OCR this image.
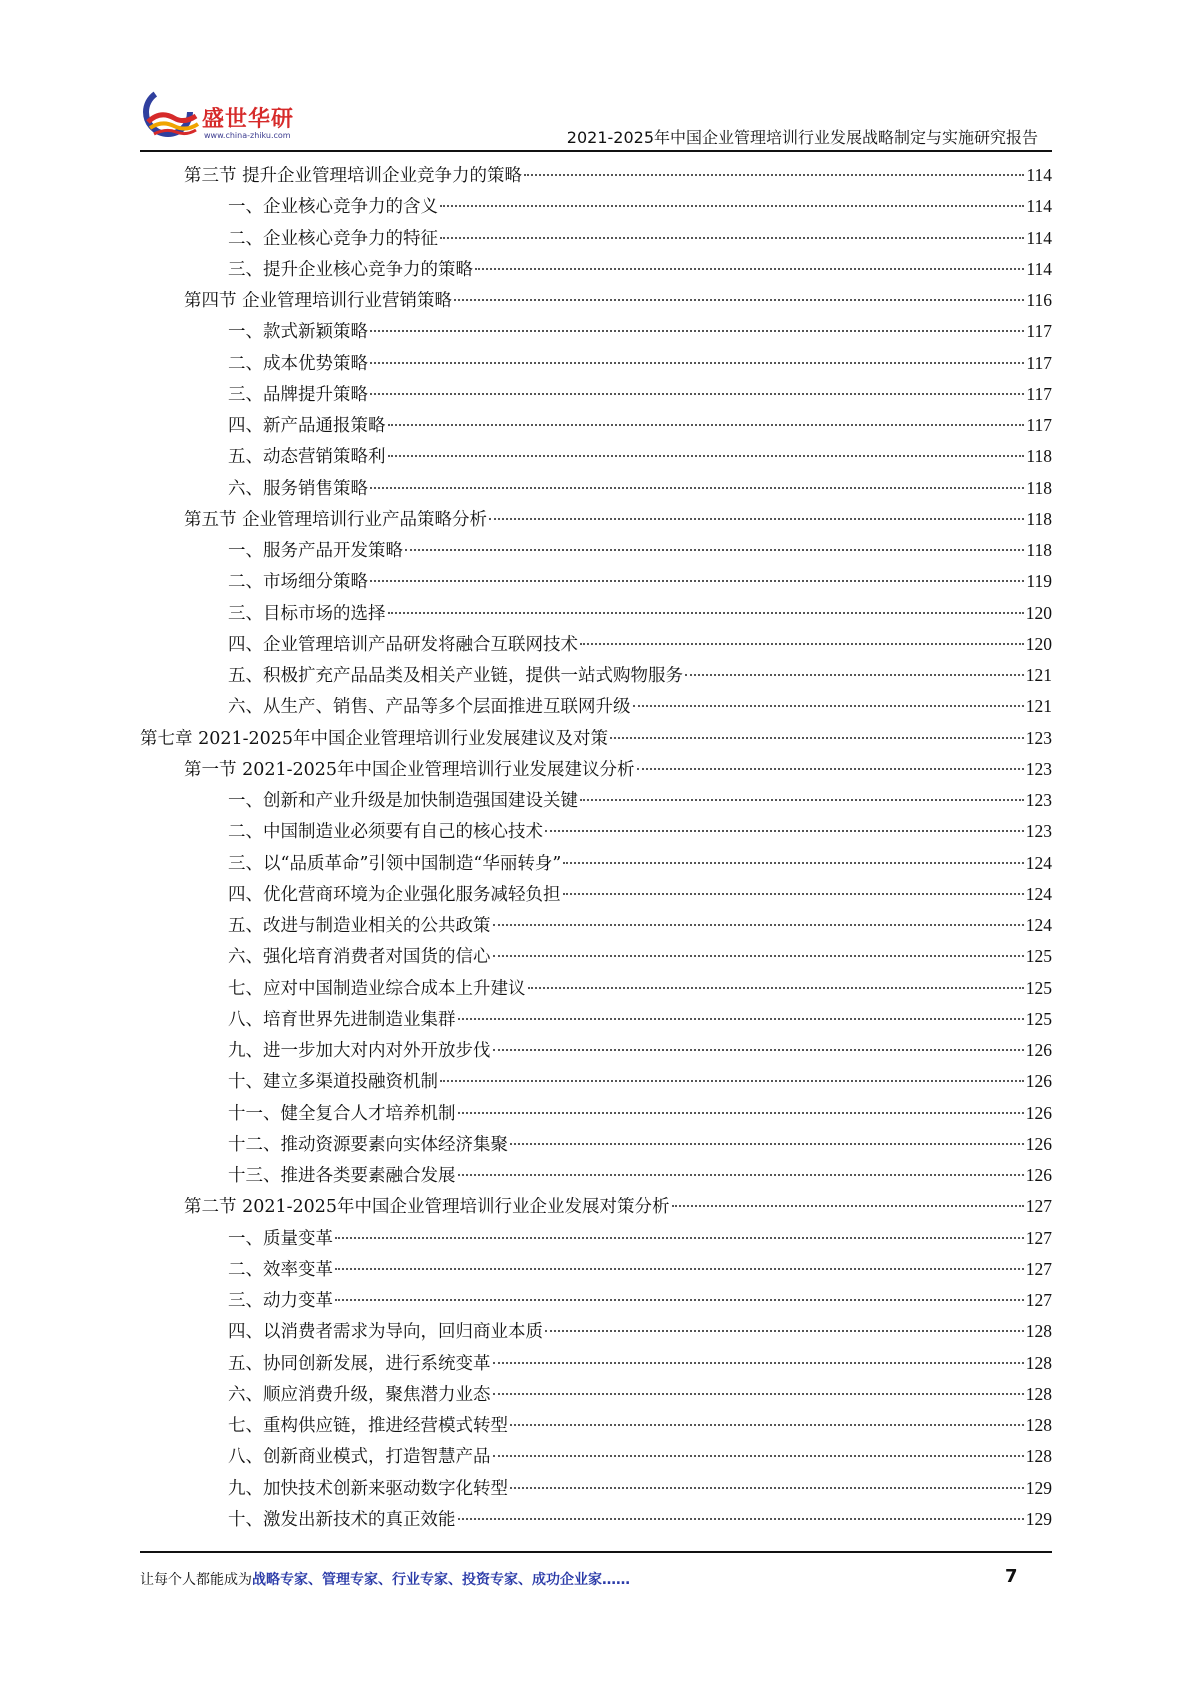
盛世华研
www.china-zhiku.com	2021-2025年中国企业管理培训行业发展战略制定与实施研究报告
第三节 提升企业管理培训企业竞争力的策略	114
一、企业核心竞争力的含义	114
二、企业核心竞争力的特征	114
三、提升企业核心竞争力的策略	114
第四节 企业管理培训行业营销策略	116
一、款式新颖策略	117
二、成本优势策略	117
三、品牌提升策略	117
四、新产品通报策略	117
五、动态营销策略利	118
六、服务销售策略	118
第五节 企业管理培训行业产品策略分析	118
一、服务产品开发策略	118
二、市场细分策略	119
三、目标市场的选择	120
四、企业管理培训产品研发将融合互联网技术	120
五、积极扩充产品品类及相关产业链，提供一站式购物服务	121
六、从生产、销售、产品等多个层面推进互联网升级	121
第七章 2021-2025年中国企业管理培训行业发展建议及对策	123
第一节 2021-2025年中国企业管理培训行业发展建议分析	123
一、创新和产业升级是加快制造强国建设关键	123
二、中国制造业必须要有自己的核心技术	123
三、以“品质革命”引领中国制造“华丽转身”	124
四、优化营商环境为企业强化服务减轻负担	124
五、改进与制造业相关的公共政策	124
六、强化培育消费者对国货的信心	125
七、应对中国制造业综合成本上升建议	125
八、培育世界先进制造业集群	125
九、进一步加大对内对外开放步伐	126
十、建立多渠道投融资机制	126
十一、健全复合人才培养机制	126
十二、推动资源要素向实体经济集聚	126
十三、推进各类要素融合发展	126
第二节 2021-2025年中国企业管理培训行业企业发展对策分析	127
一、质量变革	127
二、效率变革	127
三、动力变革	127
四、以消费者需求为导向，回归商业本质	128
五、协同创新发展，进行系统变革	128
六、顺应消费升级，聚焦潜力业态	128
七、重构供应链，推进经营模式转型	128
八、创新商业模式，打造智慧产品	128
九、加快技术创新来驱动数字化转型	129
十、激发出新技术的真正效能	129
让每个人都能成为战略专家、管理专家、行业专家、投资专家、成功企业家……	7
